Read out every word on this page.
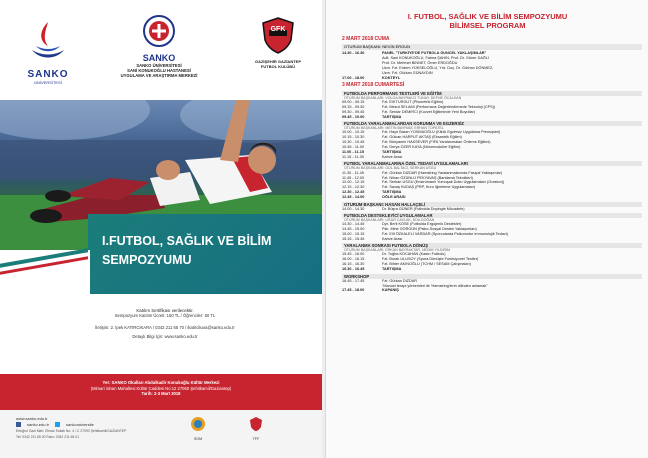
SANKO
ÜNİVERSİTESİ
SANKO
SANKO ÜNİVERSİTESİ
SANİ KONUKOĞLU HASTANESİ
UYGULAMA VE ARAŞTIRMA MERKEZİ
GFK
GAZİŞEHİR GAZİANTEP
FUTBOL KULÜBÜ
I.FUTBOL, SAĞLIK VE BİLİM SEMPOZYUMU
Katılım Sertifikası verilecektir.
Sempozyum Katılım Ücreti: 150 TL / Öğrenciler: 50 TL
İletişim: 2. İpek KATIRCIKARA / 0342 211 65 70 / ikatircikara@sanko.edu.tr
Detaylı Bilgi İçin: www.sanko.edu.tr
Yer: SANKO Okulları Abdulkadir Konukoğlu Kültür Merkezi
(Mimari Sinan Mahallesi Kültür Caddesi No:12 27060 Şehitkamil/Gaziantep)
Tarih: 2-3 Mart 2018
www.sanko.edu.tr
sanko.edu.tr	sankouniversite
Ertuğrul Gazi Mah. Elmas Sokak No: 4 / C 27090 Şehitkamil/GAZİANTEP
Tel: 0342 211 65 00 Faks: 0342 211 65 01	SGM	TFF
I. FUTBOL, SAĞLIK VE BİLİM SEMPOZYUMU
BİLİMSEL PROGRAM
2 MART 2018 CUMA
OTURUM BAŞKANI: NEVİN ERGUN
14.30 - 16.30	PANEL "TÜRKİYE'DE FUTBOLA GÜNCEL YAKLAŞIMLAR"
Adli. Sani KONUKOĞLU, Fatma ŞAHİN, Prof. Dr. Güner DAĞLI
Prof. Dr. Mehmet BİNNET, Ömer ERDOĞDU
Uzm. Fzt. Erdem YÜKSELOĞLU, Yrd. Doç. Dr. Gürhan DÖNMEZ,
Uzm. Fzt. Gürkan GÜNAYDIN
17.00 - 18.00	KOKTEYL
3 MART 2018 CUMARTESİ
FUTBOLDA PERFORMANS TESTLERİ VE EĞİTİM
OTURUM BAŞKANLARI: VOLGA BAYRAKCI TUNAY, DEFNE ÖCALKAN
09.00 - 09.15	Fzt. Elif TURGUT (Pliometrik Eğitim)
09.15 - 09.30	Fzt. Mesut SELAMİ (Performans Değerlendirmede Teknoloji (CPS))
09.30 - 09.45	Fzt. Serdar DEMİRCİ (Kuvvet Eğitiminde Yeni Boyutlar)
09.45 - 10.00	TARTIŞMA
FUTBOLDA YARALANMALARDAN KORUNMA VE EGZERSİZ
OTURUM BAŞKANLARI: METİN BAYRAM, ERHAN TOPATEL
10.00 - 10.15	Fzt. Hayri Baran YOSMAOĞLU (Klinik Egzersiz Uygulama Prensipleri)
10.15 - 10.30	Fzt. Gülcan HARPUT AKTAŞ (Eksantrik Eğitim)
10.30 - 10.45	Fzt. Bünyamin HAKSEVER (FIFA Yaralanmaları Önleme Eğitimi)
10.45 - 11.00	Fzt. Derya ÖZER KAYA (Nöromusküler Eğitim)
11.00 - 11.15	TARTIŞMA
11.15 - 11.30	Kahve Arası
FUTBOL YARALANMALARINA ÖZEL TEDAVİ UYGULAMALARI
OTURUM BAŞKANLARI: GÜL BALTACI, SERKAN USGU
11.30 - 11.45	Fzt. Gürkan DİZDAR (Hamstring Yaralanmalarında Fasiyal Yaklaşımlar)
11.45 - 12.00	Fzt. Nihan ÖZÜNLÜ PEKYAVAŞ (Bantlama Teknikleri)
12.00 - 12.15	Fzt. Serkan USGU (Enstrümanlı Yumuşak Doku Uygulamaları (Graston))
12.15 - 12.30	Fzt. Savaş KUDAŞ (PRP, Kuru İğneleme Uygulamaları)
12.30 - 12.45	TARTIŞMA
12.45 - 14.00	ÖĞLE ARASI
OTURUM BAŞKANI: HASAN HALLAÇELİ
14.00 - 14.30	Dr. Büşra GÜNER (Futbolda Dopingle Mücadele)
FUTBOLDA DESTEKLEYİCİ UYGULAMALAR
OTURUM BAŞKANLARI: UĞUR CAVLAK, EDA DOĞAN
14.30 - 14.45	Dyt. Beril KÖSE (Futbolda Ergojenik Destekler)
14.45 - 15.00	Psk. Mine GÖRGÜN (Psiko-Sosyal Destek Yaklaşımları)
15.00 - 15.15	Fzt. Elif ÖZKALELİ VARDAR (Sporcularda Psikomotor İmmunolojik Tedavi)
15.15 - 15.45	Kahve Arası
YARALANMA SONRASI FUTBOLA DÖNÜŞ
OTURUM BAŞKANLARI: ERKAN BAYRAKTAR, NEDİM YILDIRIM
15.45 - 16.00	Dr. Tuğba KOCAHAN (Kadın Futbolu)
16.00 - 16.15	Fzt. Burak ULUSOY (Spora Dönüşte Fonksiyonel Testler)
16.15 - 16.30	Fzt. Bihter AKINOĞLU (TCHM / SESAM Çalışmaları)
16.30 - 16.45	TARTIŞMA
WORKSHOP
16.45 - 17.45	Fzt. Gürkan DİZDAR
"Manuel terapi yöntemleri ile 'Hamstring'lerin dilinden anlamak"
17.45 - 18.00	KAPANIŞ
